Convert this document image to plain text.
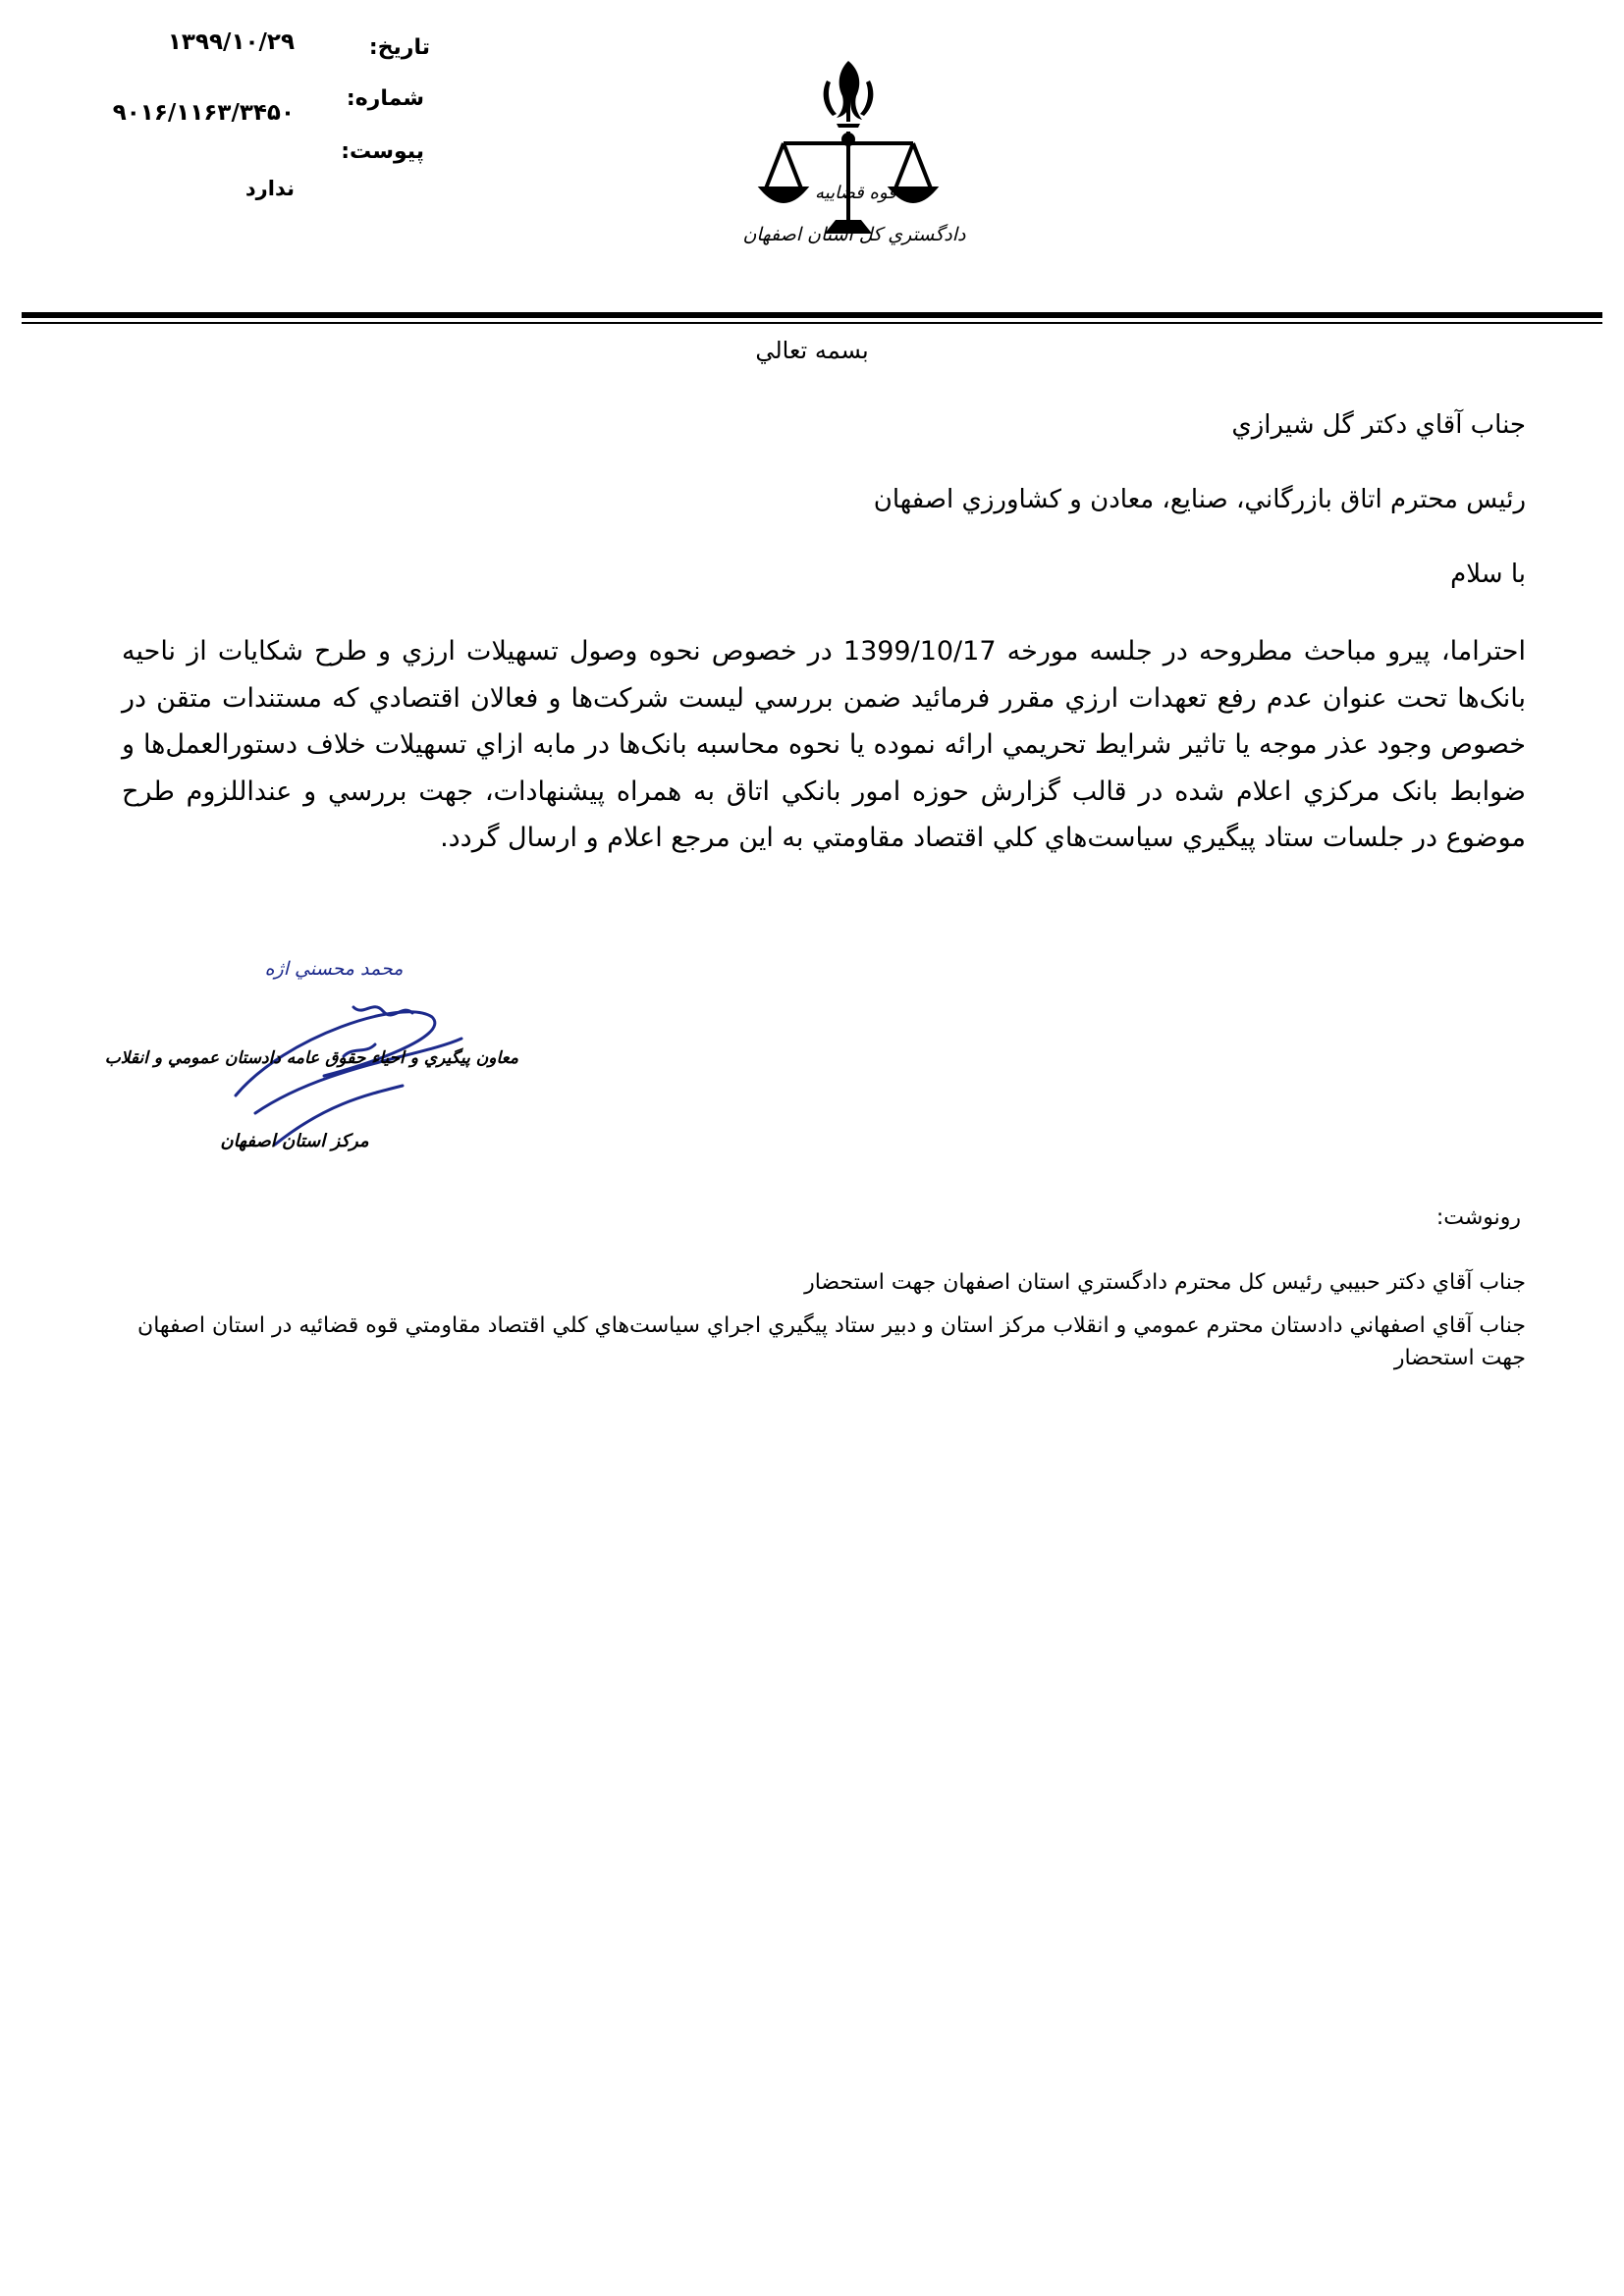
تاريخ:
۱۳۹۹/۱۰/۲۹
شماره:
۹۰۱۶/۱۱۶۳/۳۴۵۰
پيوست:
ندارد	قوه قضاييه
دادگستري کل استان اصفهان
بسمه تعالي
جناب آقاي دکتر گل شيرازي
رئيس محترم اتاق بازرگاني، صنايع، معادن و کشاورزي اصفهان
با سلام
احتراما، پيرو مباحث مطروحه در جلسه مورخه 1399/10/17 در خصوص نحوه وصول تسهيلات ارزي و طرح شکايات از ناحيه بانک‌ها تحت عنوان عدم رفع تعهدات ارزي مقرر فرمائيد ضمن بررسي ليست شرکت‌ها و فعالان اقتصادي که مستندات متقن در خصوص وجود عذر موجه يا تاثير شرايط تحريمي ارائه نموده يا نحوه محاسبه بانک‌ها در مابه ازاي تسهيلات خلاف دستورالعمل‌ها و ضوابط بانک مرکزي اعلام شده در قالب گزارش حوزه امور بانکي اتاق به همراه پيشنهادات، جهت بررسي و عنداللزوم طرح موضوع در جلسات ستاد پيگيري سياست‌هاي کلي اقتصاد مقاومتي به اين مرجع اعلام و ارسال گردد.
محمد محسني اژه
معاون پيگيري و احياء حقوق عامه دادستان عمومي و انقلاب
مرکز استان اصفهان
رونوشت:
جناب آقاي دکتر حبيبي رئيس کل محترم دادگستري استان اصفهان جهت استحضار
جناب آقاي اصفهاني دادستان محترم عمومي و انقلاب مرکز استان و دبير ستاد پيگيري اجراي سياست‌هاي کلي اقتصاد مقاومتي قوه قضائيه در استان اصفهان جهت استحضار
